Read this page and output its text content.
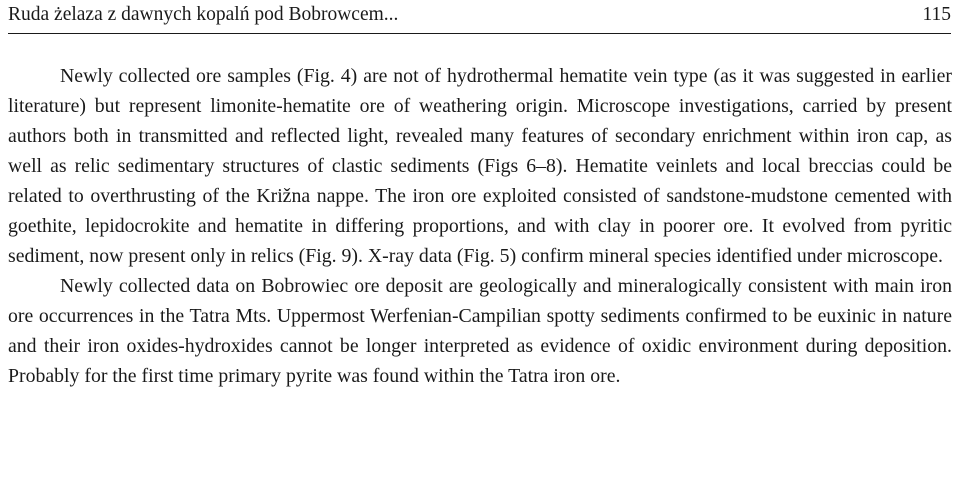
Ruda żelaza z dawnych kopalń pod Bobrowcem...	115

Newly collected ore samples (Fig. 4) are not of hydrothermal hematite vein type (as it was suggested in earlier literature) but represent limonite-hematite ore of weathering origin. Microscope investigations, carried by present authors both in transmitted and reflected light, revealed many features of secondary enrichment within iron cap, as well as relic sedimentary structures of clastic sediments (Figs 6–8). Hematite veinlets and local breccias could be related to overthrusting of the Križna nappe. The iron ore exploited consisted of sandstone-mudstone cemented with goethite, lepidocrokite and hematite in differing proportions, and with clay in poorer ore. It evolved from pyritic sediment, now present only in relics (Fig. 9). X-ray data (Fig. 5) confirm mineral species identified under microscope.

Newly collected data on Bobrowiec ore deposit are geologically and mineralogically consistent with main iron ore occurrences in the Tatra Mts. Uppermost Werfenian-Campilian spotty sediments confirmed to be euxinic in nature and their iron oxides-hydroxides cannot be longer interpreted as evidence of oxidic environment during deposition. Probably for the first time primary pyrite was found within the Tatra iron ore.
